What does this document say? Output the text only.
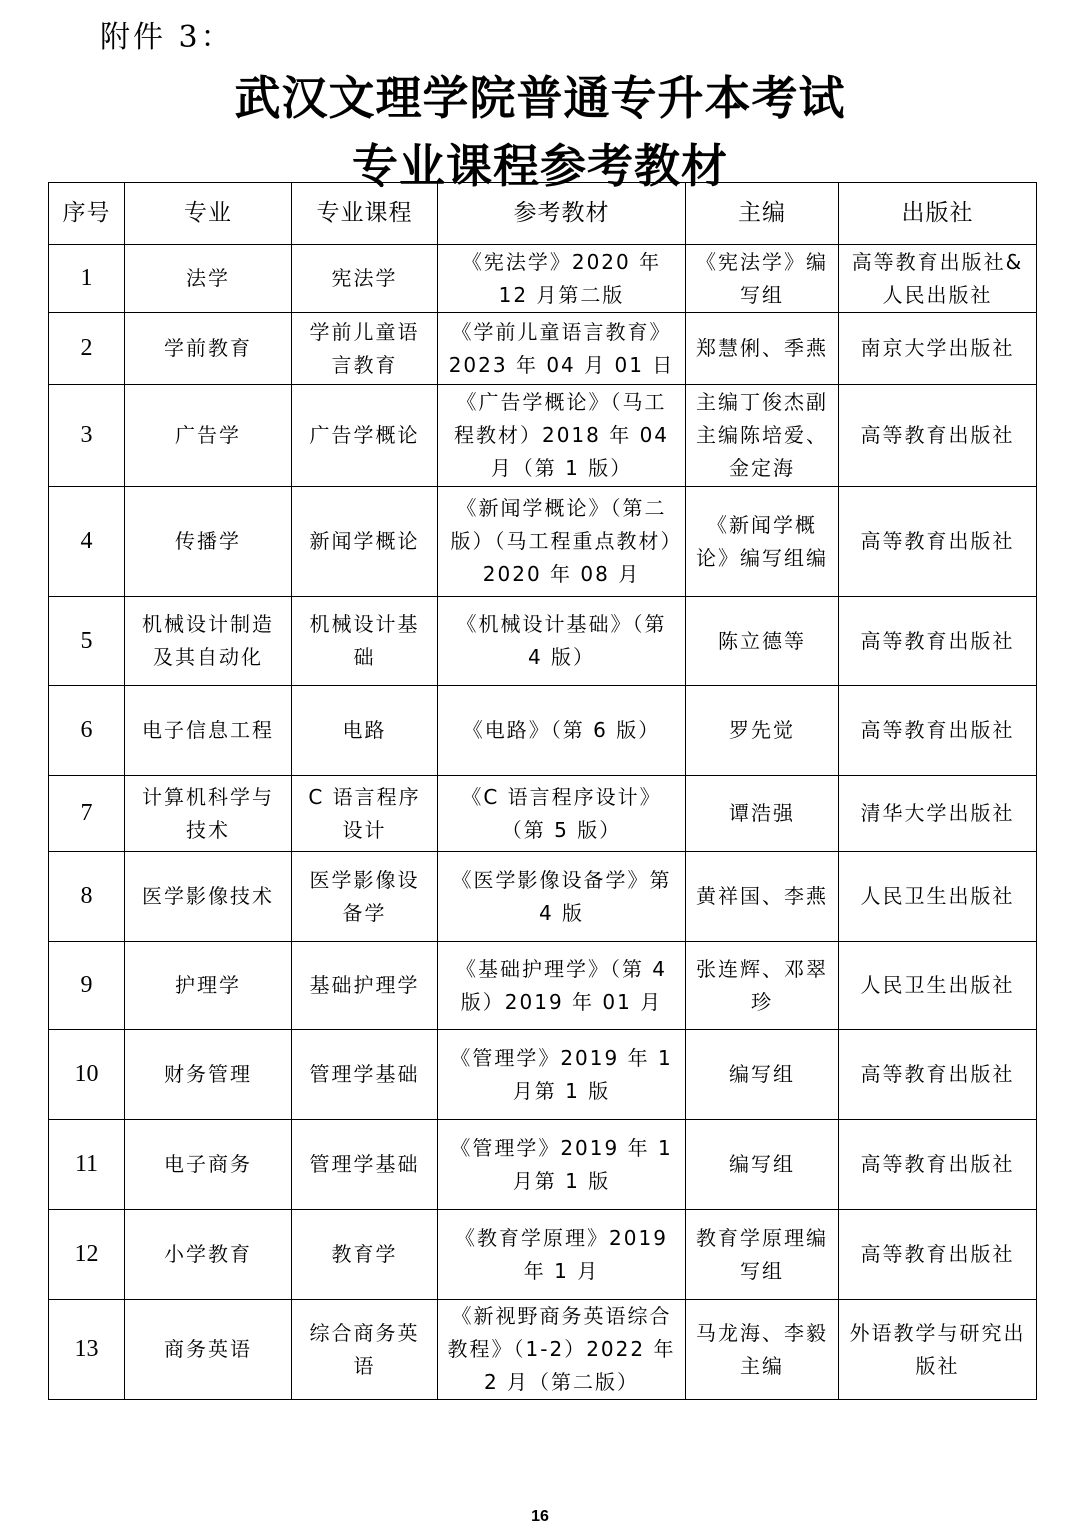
附件 3：
武汉文理学院普通专升本考试
专业课程参考教材
序号	专业	专业课程	参考教材	主编	出版社
1	法学	宪法学	《宪法学》2020 年 12 月第二版	《宪法学》编写组	高等教育出版社&人民出版社
2	学前教育	学前儿童语言教育	《学前儿童语言教育》2023 年 04 月 01 日	郑慧俐、季燕	南京大学出版社
3	广告学	广告学概论	《广告学概论》（马工程教材）2018 年 04 月（第 1 版）	主编丁俊杰副主编陈培爱、金定海	高等教育出版社
4	传播学	新闻学概论	《新闻学概论》（第二版）（马工程重点教材）2020 年 08 月	《新闻学概论》编写组编	高等教育出版社
5	机械设计制造及其自动化	机械设计基础	《机械设计基础》（第 4 版）	陈立德等	高等教育出版社
6	电子信息工程	电路	《电路》（第 6 版）	罗先觉	高等教育出版社
7	计算机科学与技术	C 语言程序设计	《C 语言程序设计》（第 5 版）	谭浩强	清华大学出版社
8	医学影像技术	医学影像设备学	《医学影像设备学》第 4 版	黄祥国、李燕	人民卫生出版社
9	护理学	基础护理学	《基础护理学》（第 4 版）2019 年 01 月	张连辉、邓翠珍	人民卫生出版社
10	财务管理	管理学基础	《管理学》2019 年 1 月第 1 版	编写组	高等教育出版社
11	电子商务	管理学基础	《管理学》2019 年 1 月第 1 版	编写组	高等教育出版社
12	小学教育	教育学	《教育学原理》2019 年 1 月	教育学原理编写组	高等教育出版社
13	商务英语	综合商务英语	《新视野商务英语综合教程》（1-2）2022 年 2 月（第二版）	马龙海、李毅主编	外语教学与研究出版社
16
